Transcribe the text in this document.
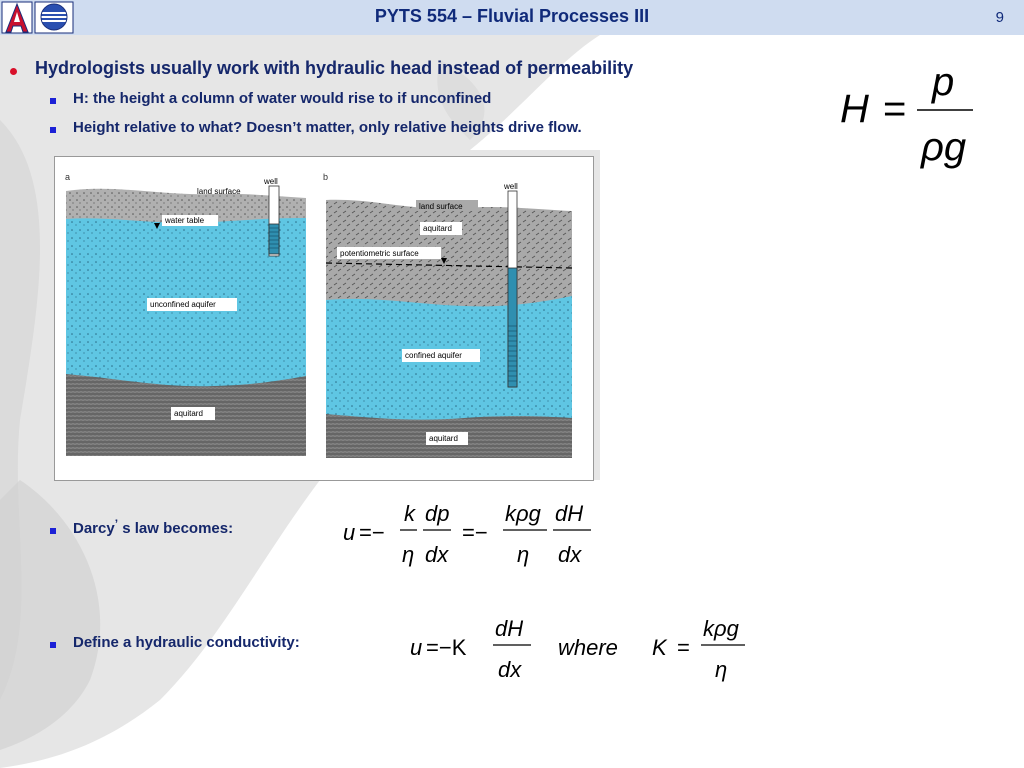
PYTS 554 – Fluvial Processes III	9
Hydrologists usually work with hydraulic head instead of permeability
H: the height a column of water would rise to if unconfined
Height relative to what? Doesn’t matter, only relative heights drive flow.
Darcy’ s law becomes:
Define a hydraulic conductivity:
H =
p
ρg
u =−
k
η
dp
dx
=−
kρg
η
dH
dx
u =−K
dH
dx
where K =
kρg
η
a
land surface
well
water table
unconfined aquifer
aquitard
b
well
land surface
aquitard
potentiometric surface
confined aquifer
aquitard
